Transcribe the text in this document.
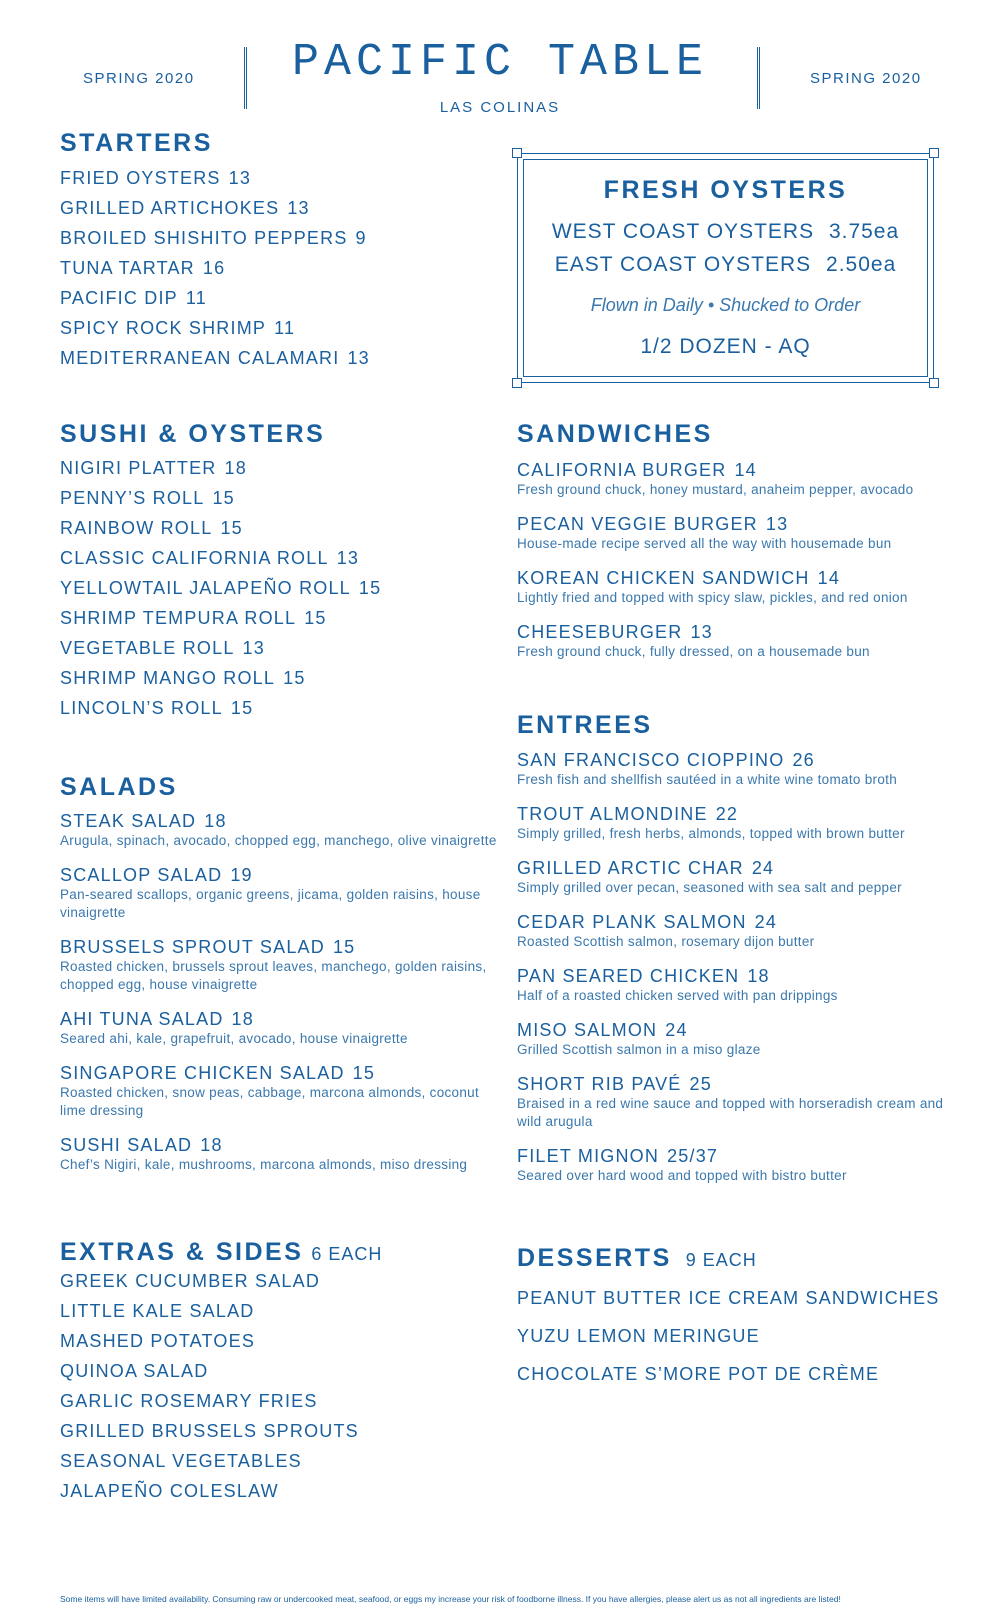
SPRING 2020	PACIFIC TABLE
LAS COLINAS
SPRING 2020
STARTERS
FRIED OYSTERS 13
GRILLED ARTICHOKES 13
BROILED SHISHITO PEPPERS 9
TUNA TARTAR 16
PACIFIC DIP 11
SPICY ROCK SHRIMP 11
MEDITERRANEAN CALAMARI 13
FRESH OYSTERS
WEST COAST OYSTERS 3.75ea
EAST COAST OYSTERS 2.50ea
Flown in Daily • Shucked to Order
1/2 DOZEN - AQ
SUSHI & OYSTERS
NIGIRI PLATTER 18
PENNY’S ROLL 15
RAINBOW ROLL 15
CLASSIC CALIFORNIA ROLL 13
YELLOWTAIL JALAPEÑO ROLL 15
SHRIMP TEMPURA ROLL 15
VEGETABLE ROLL 13
SHRIMP MANGO ROLL 15
LINCOLN’S ROLL 15
SANDWICHES
CALIFORNIA BURGER 14
Fresh ground chuck, honey mustard, anaheim pepper, avocado
PECAN VEGGIE BURGER 13
House-made recipe served all the way with housemade bun
KOREAN CHICKEN SANDWICH 14
Lightly fried and topped with spicy slaw, pickles, and red onion
CHEESEBURGER 13
Fresh ground chuck, fully dressed, on a housemade bun
SALADS
STEAK SALAD 18
Arugula, spinach, avocado, chopped egg, manchego, olive vinaigrette
SCALLOP SALAD 19
Pan-seared scallops, organic greens, jicama, golden raisins, house vinaigrette
BRUSSELS SPROUT SALAD 15
Roasted chicken, brussels sprout leaves, manchego, golden raisins, chopped egg, house vinaigrette
AHI TUNA SALAD 18
Seared ahi, kale, grapefruit, avocado, house vinaigrette
SINGAPORE CHICKEN SALAD 15
Roasted chicken, snow peas, cabbage, marcona almonds, coconut lime dressing
SUSHI SALAD 18
Chef’s Nigiri, kale, mushrooms, marcona almonds, miso dressing
ENTREES
SAN FRANCISCO CIOPPINO 26
Fresh fish and shellfish sautéed in a white wine tomato broth
TROUT ALMONDINE 22
Simply grilled, fresh herbs, almonds, topped with brown butter
GRILLED ARCTIC CHAR 24
Simply grilled over pecan, seasoned with sea salt and pepper
CEDAR PLANK SALMON 24
Roasted Scottish salmon, rosemary dijon butter
PAN SEARED CHICKEN 18
Half of a roasted chicken served with pan drippings
MISO SALMON 24
Grilled Scottish salmon in a miso glaze
SHORT RIB PAVÉ 25
Braised in a red wine sauce and topped with horseradish cream and wild arugula
FILET MIGNON 25/37
Seared over hard wood and topped with bistro butter
EXTRAS & SIDES 6 EACH
GREEK CUCUMBER SALAD
LITTLE KALE SALAD
MASHED POTATOES
QUINOA SALAD
GARLIC ROSEMARY FRIES
GRILLED BRUSSELS SPROUTS
SEASONAL VEGETABLES
JALAPEÑO COLESLAW
DESSERTS 9 EACH
PEANUT BUTTER ICE CREAM SANDWICHES
YUZU LEMON MERINGUE
CHOCOLATE S’MORE POT DE CRÈME
Some items will have limited availability. Consuming raw or undercooked meat, seafood, or eggs my increase your risk of foodborne illness. If you have allergies, please alert us as not all ingredients are listed!
